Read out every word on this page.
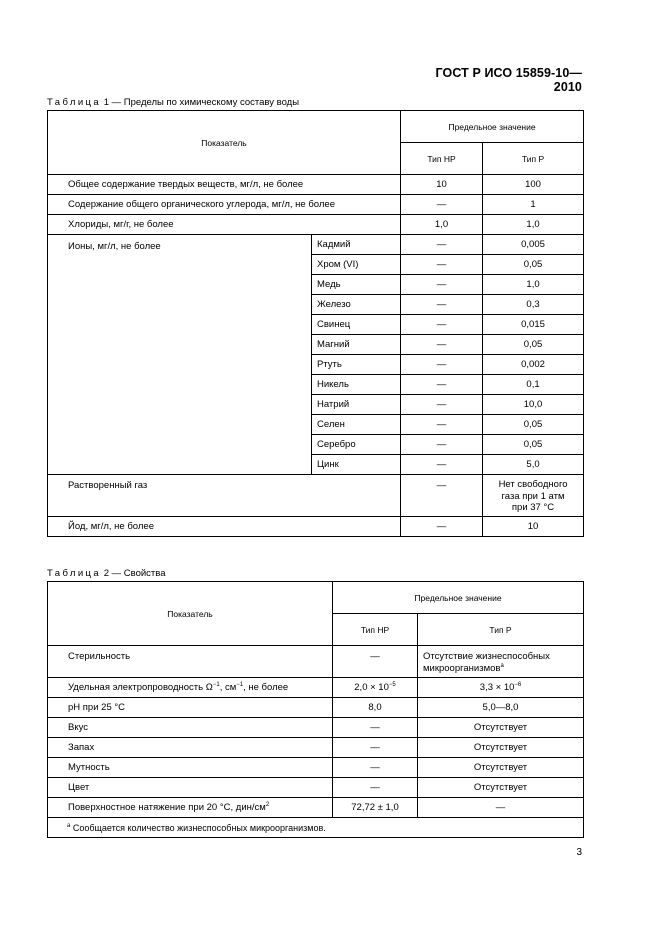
ГОСТ Р ИСО 15859-10—2010
Таблица 1 — Пределы по химическому составу воды
Показатель		Предельное значение	
		Тип НР	Тип Р
Общее содержание твердых веществ, мг/л, не более		10	100
Содержание общего органического углерода, мг/л, не более		—	1
Хлориды, мг/г, не более		1,0	1,0
Ионы, мг/л, не более	Кадмий	—	0,005
	Хром (VI)	—	0,05
	Медь	—	1,0
	Железо	—	0,3
	Свинец	—	0,015
	Магний	—	0,05
	Ртуть	—	0,002
	Никель	—	0,1
	Натрий	—	10,0
	Селен	—	0,05
	Серебро	—	0,05
	Цинк	—	5,0
Растворенный газ		—	Нет свободного
газа при 1 атм
при 37 °С

Йод, мг/л, не более		—	10
Таблица 2 — Свойства
Показатель	Предельное значение	
	Тип НР	Тип Р
Стерильность	—	Отсутствие жизнеспособных
микроорганизмов$^a$

Удельная электропроводность $\Omega^{-1}$, $см^{-1}$, не более	$2,0 \times 10^{-5}$	$3,3 \times 10^{-6}$
pH при 25 °С	8,0	5,0—8,0
Вкус	—	Отсутствует
Запах	—	Отсутствует
Мутность	—	Отсутствует
Цвет	—	Отсутствует
Поверхностное натяжение при 20 °С, дин/$см^2$	72,72 ± 1,0	—
$^a$ Сообщается количество жизнеспособных микроорганизмов.		
3
